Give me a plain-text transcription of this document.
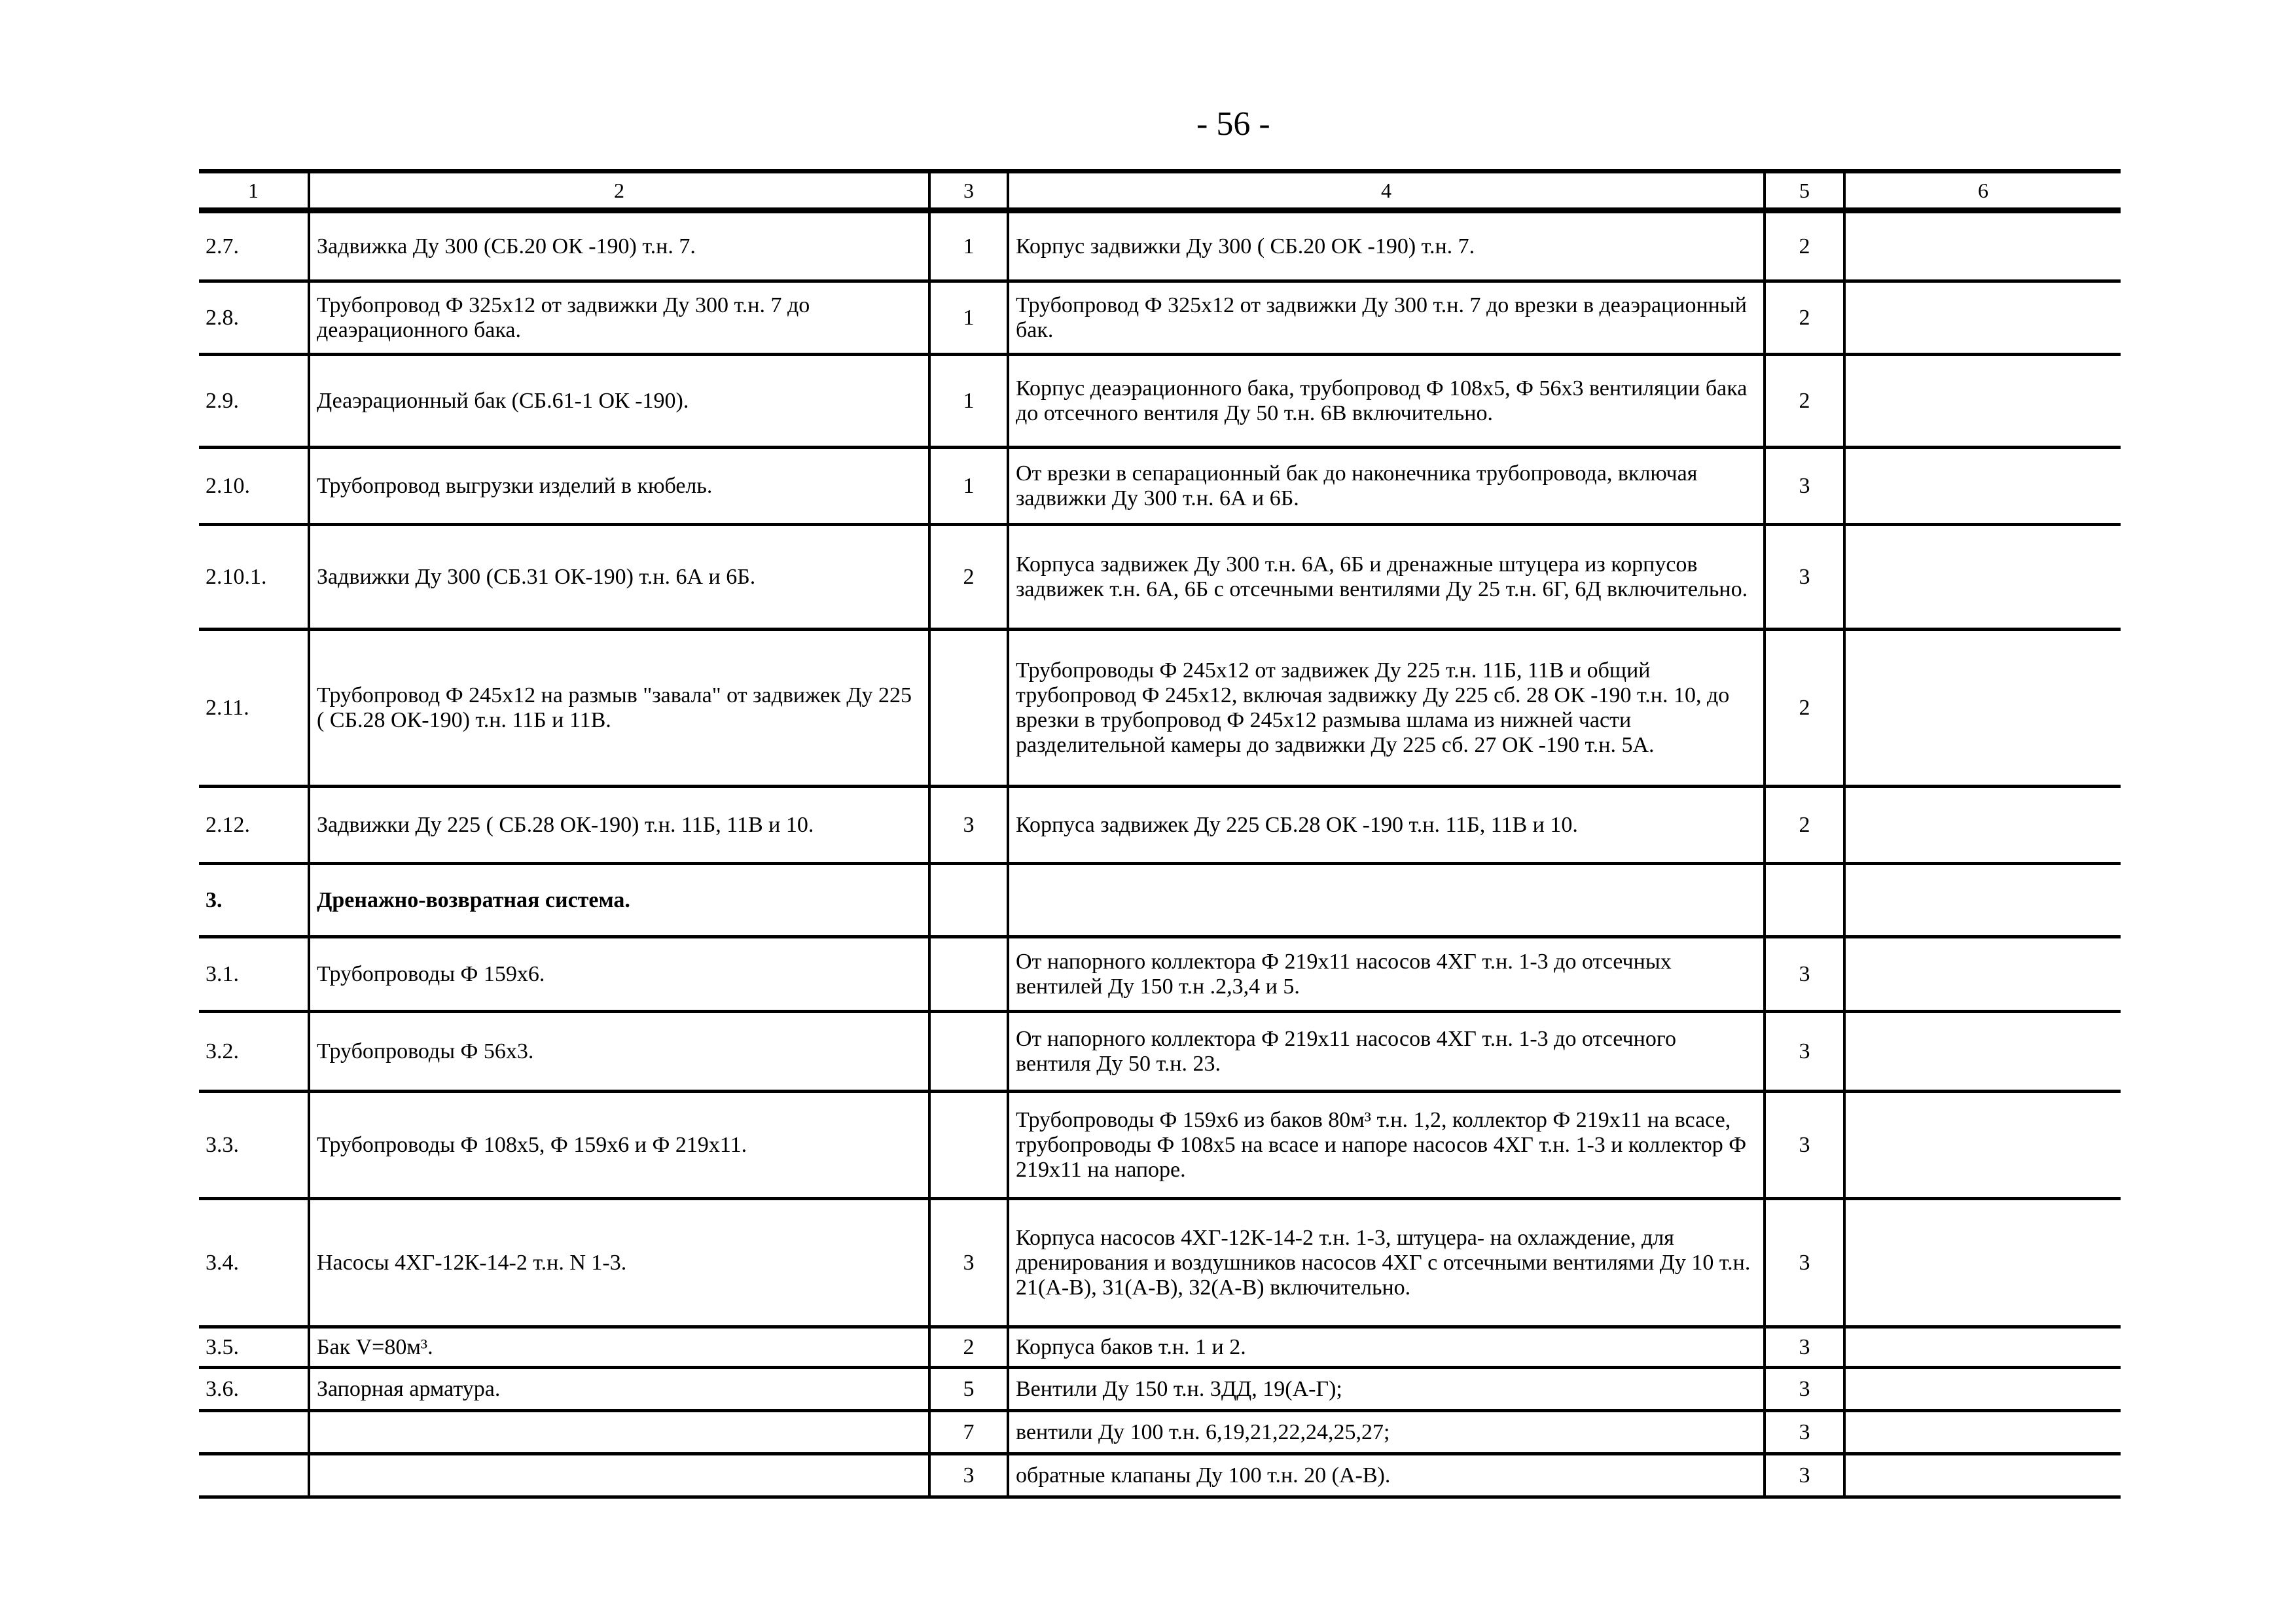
- 56 -
1	2	3	4	5	6
2.7.	Задвижка Ду 300 (СБ.20 ОК -190) т.н. 7.	1	Корпус задвижки Ду 300 ( СБ.20 ОК -190) т.н. 7.	2	
2.8.	Трубопровод Ф 325х12 от задвижки Ду 300 т.н. 7 до деаэрационного бака.	1	Трубопровод Ф 325х12 от задвижки Ду 300 т.н. 7 до врезки в деаэрационный бак.	2	
2.9.	Деаэрационный бак (СБ.61-1 ОК -190).	1	Корпус деаэрационного бака, трубопровод Ф 108х5, Ф 56х3 вентиляции бака до отсечного вентиля Ду 50 т.н. 6В включительно.	2	
2.10.	Трубопровод выгрузки изделий в кюбель.	1	От врезки в сепарационный бак до наконечника трубопровода, включая задвижки Ду 300 т.н. 6А и 6Б.	3	
2.10.1.	Задвижки Ду 300 (СБ.31 ОК-190) т.н. 6А и 6Б.	2	Корпуса задвижек Ду 300 т.н. 6А, 6Б и дренажные штуцера из корпусов задвижек т.н. 6А, 6Б с отсечными вентилями Ду 25 т.н. 6Г, 6Д включительно.	3	
2.11.	Трубопровод Ф 245х12 на размыв "завала" от задвижек Ду 225 ( СБ.28 ОК-190) т.н. 11Б и 11В.		Трубопроводы Ф 245х12 от задвижек Ду 225 т.н. 11Б, 11В и общий трубопровод Ф 245х12, включая задвижку Ду 225 сб. 28 ОК -190 т.н. 10, до врезки в трубопровод Ф 245х12 размыва шлама из нижней части разделительной камеры до задвижки Ду 225 сб. 27 ОК -190 т.н. 5А.	2	
2.12.	Задвижки Ду 225 ( СБ.28 ОК-190) т.н. 11Б, 11В и 10.	3	Корпуса задвижек Ду 225 СБ.28 ОК -190 т.н. 11Б, 11В и 10.	2	
3.	Дренажно-возвратная система.				
3.1.	Трубопроводы Ф 159х6.		От напорного коллектора Ф 219х11 насосов 4ХГ т.н. 1-3 до отсечных вентилей Ду 150 т.н .2,3,4 и 5.	3	
3.2.	Трубопроводы Ф 56х3.		От напорного коллектора Ф 219х11 насосов 4ХГ т.н. 1-3 до отсечного вентиля Ду 50 т.н. 23.	3	
3.3.	Трубопроводы Ф 108х5, Ф 159х6 и Ф 219х11.		Трубопроводы Ф 159х6 из баков 80м³ т.н. 1,2, коллектор Ф 219х11 на всасе, трубопроводы Ф 108х5 на всасе и напоре насосов 4ХГ т.н. 1-3 и коллектор Ф 219х11 на напоре.	3	
3.4.	Насосы 4ХГ-12К-14-2 т.н. N 1-3.	3	Корпуса насосов 4ХГ-12К-14-2 т.н. 1-3, штуцера- на охлаждение, для дренирования и воздушников насосов 4ХГ с отсечными вентилями Ду 10 т.н. 21(А-В), 31(А-В), 32(А-В) включительно.	3	
3.5.	Бак V=80м³.	2	Корпуса баков т.н. 1 и 2.	3	
3.6.	Запорная арматура.	5	Вентили Ду 150 т.н. 3ДД, 19(А-Г);	3	
		7	вентили Ду 100 т.н. 6,19,21,22,24,25,27;	3	
		3	обратные клапаны Ду 100 т.н. 20 (А-В).	3	
